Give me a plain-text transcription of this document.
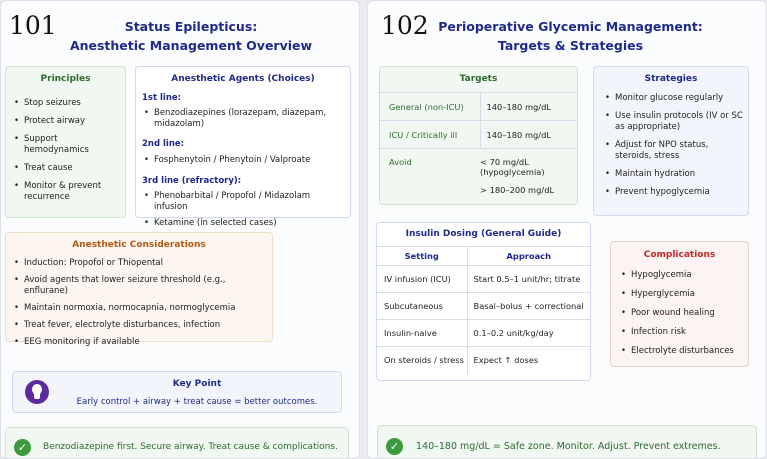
101	Status Epilepticus:
Anesthetic Management Overview
Principles
• Stop seizures
• Protect airway
• Support hemodynamics
• Treat cause
• Monitor & prevent recurrence
Anesthetic Agents (Choices)
1st line:
• Benzodiazepines (lorazepam, diazepam, midazolam)
2nd line:
• Fosphenytoin / Phenytoin / Valproate
3rd line (refractory):
• Phenobarbital / Propofol / Midazolam infusion
• Ketamine (in selected cases)
Anesthetic Considerations
• Induction: Propofol or Thiopental
• Avoid agents that lower seizure threshold (e.g., enflurane)
• Maintain normoxia, normocapnia, normoglycemia
• Treat fever, electrolyte disturbances, infection
• EEG monitoring if available
Key Point
Early control + airway + treat cause = better outcomes.
✓	Benzodiazepine first. Secure airway. Treat cause & complications.
102 Perioperative Glycemic Management:
Targets & Strategies
Targets
General (non-ICU)	140–180 mg/dL
ICU / Critically ill	140–180 mg/dL
Avoid	< 70 mg/dL (hypoglycemia)
> 180–200 mg/dL
Strategies
• Monitor glucose regularly
• Use insulin protocols (IV or SC as appropriate)
• Adjust for NPO status, steroids, stress
• Maintain hydration
• Prevent hypoglycemia
Insulin Dosing (General Guide)
Setting	Approach
IV infusion (ICU)	Start 0.5–1 unit/hr; titrate
Subcutaneous	Basal–bolus + correctional
Insulin-naive	0.1–0.2 unit/kg/day
On steroids / stress	Expect ↑ doses
Complications
• Hypoglycemia
• Hyperglycemia
• Poor wound healing
• Infection risk
• Electrolyte disturbances
✓	140–180 mg/dL = Safe zone. Monitor. Adjust. Prevent extremes.
